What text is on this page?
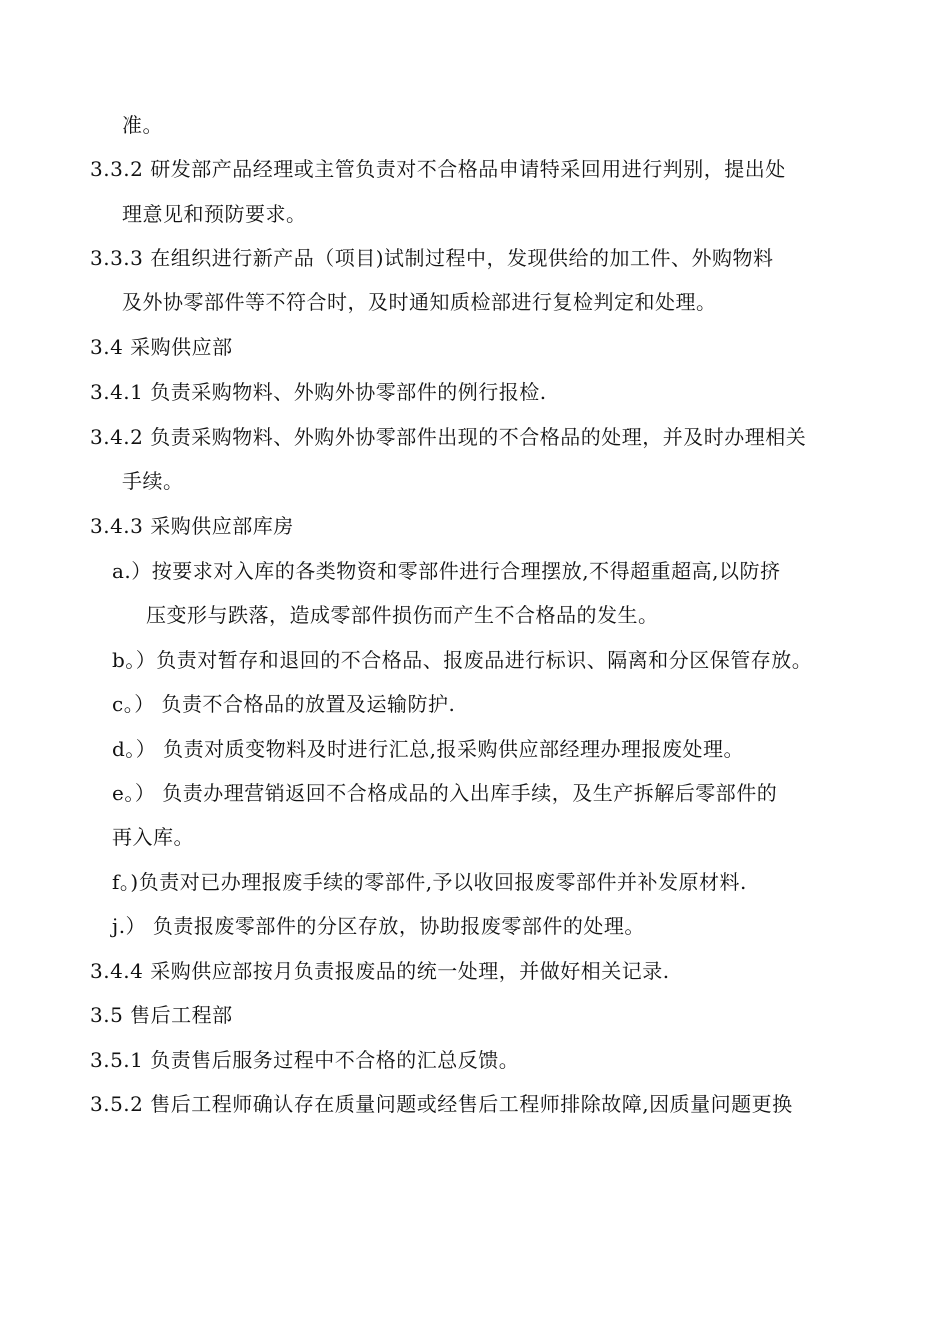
准。
3.3.2 研发部产品经理或主管负责对不合格品申请特采回用进行判别，提出处
理意见和预防要求。
3.3.3 在组织进行新产品（项目)试制过程中，发现供给的加工件、外购物料
及外协零部件等不符合时，及时通知质检部进行复检判定和处理。
3.4 采购供应部
3.4.1 负责采购物料、外购外协零部件的例行报检.
3.4.2 负责采购物料、外购外协零部件出现的不合格品的处理，并及时办理相关
手续。
3.4.3 采购供应部库房
a.）按要求对入库的各类物资和零部件进行合理摆放,不得超重超高,以防挤
压变形与跌落，造成零部件损伤而产生不合格品的发生。
b。）负责对暂存和退回的不合格品、报废品进行标识、隔离和分区保管存放。
c。） 负责不合格品的放置及运输防护.
d。） 负责对质变物料及时进行汇总,报采购供应部经理办理报废处理。
e。） 负责办理营销返回不合格成品的入出库手续，及生产拆解后零部件的
再入库。
f。)负责对已办理报废手续的零部件,予以收回报废零部件并补发原材料.
j.） 负责报废零部件的分区存放，协助报废零部件的处理。
3.4.4 采购供应部按月负责报废品的统一处理，并做好相关记录.
3.5 售后工程部
3.5.1 负责售后服务过程中不合格的汇总反馈。
3.5.2 售后工程师确认存在质量问题或经售后工程师排除故障,因质量问题更换
